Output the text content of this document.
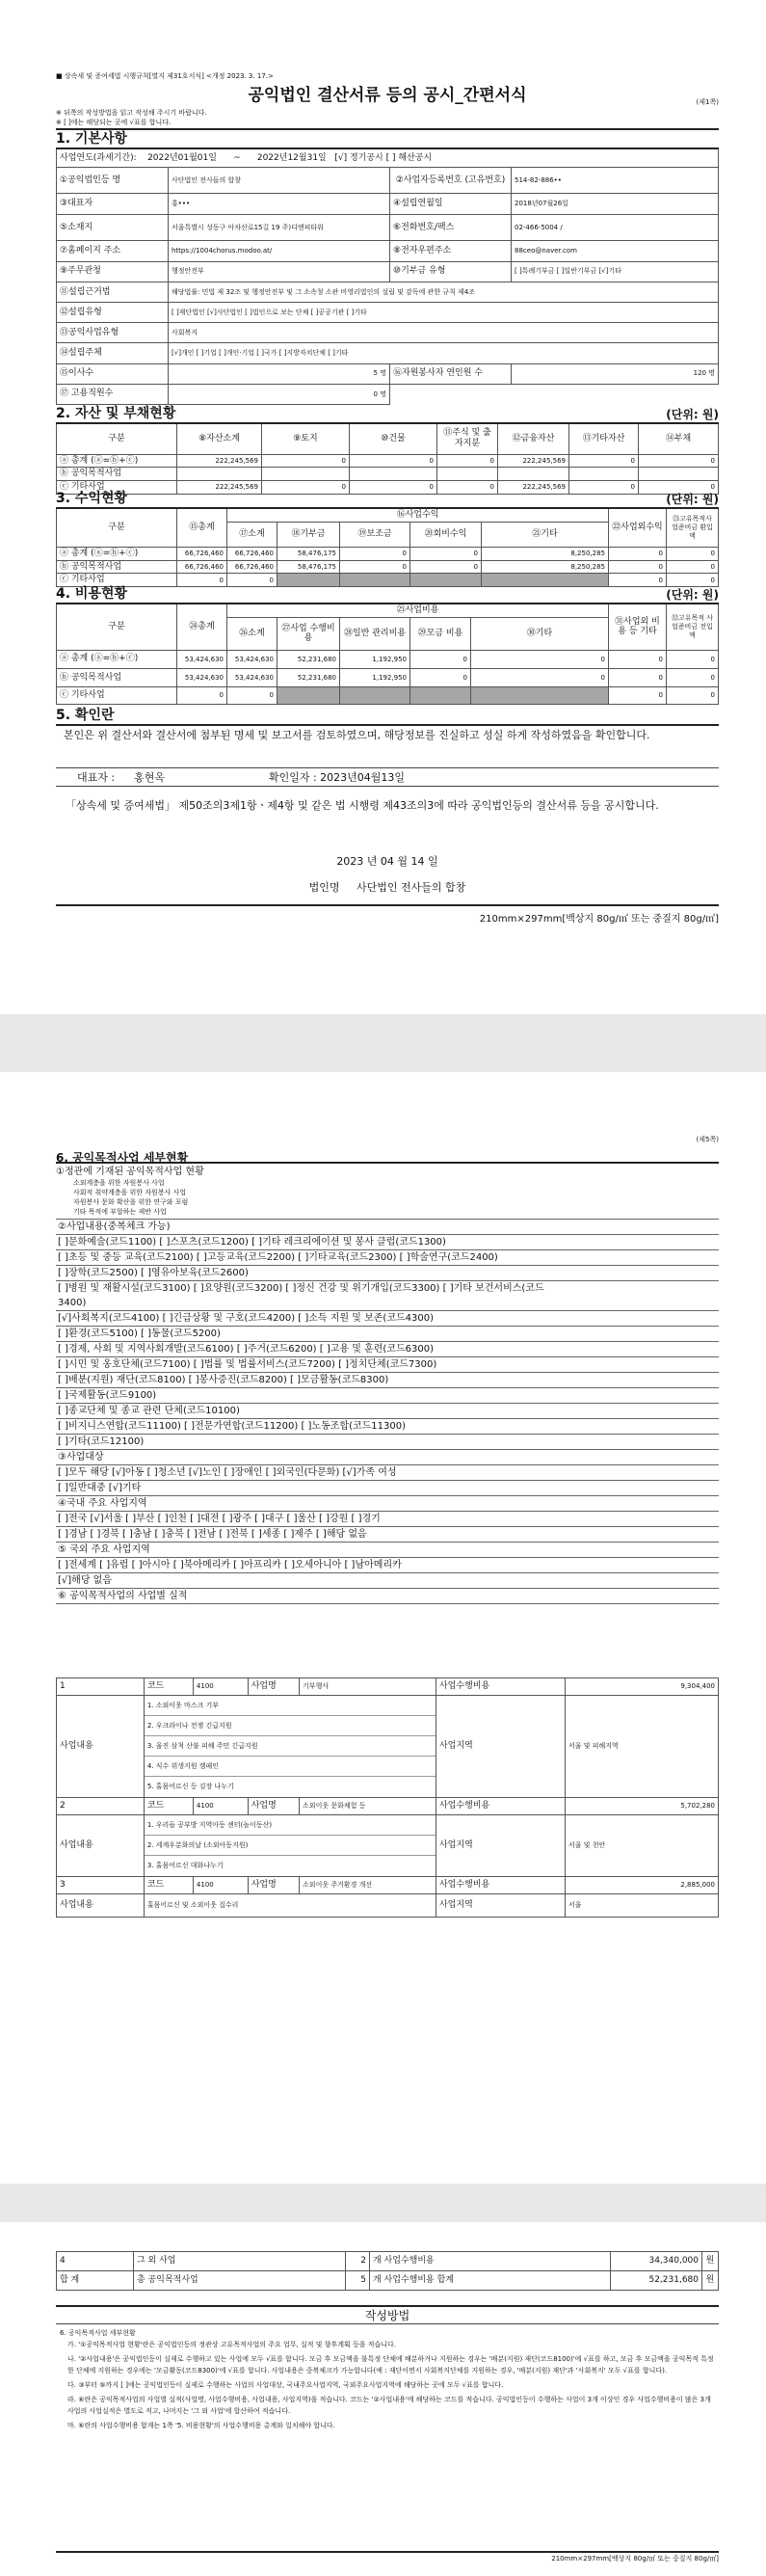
■ 상속세 및 증여세법 시행규칙[별지 제31호서식] <개정 2023. 3. 17.>
공익법인 결산서류 등의 공시_간편서식	(제1쪽)
※ 뒤쪽의 작성방법을 읽고 작성해 주시기 바랍니다.
※ [ ]에는 해당되는 곳에 √표를 합니다.
1. 기본사항
사업연도(과세기간): 2022년01월01일 ~ 2022년12월31일 [√] 정기공시 [ ] 해산공시			
①공익법인등 명	사단법인 전사들의 합창	②사업자등록번호 (고유번호)	514-82-886••
③대표자	홍•••	④설립연월일	2018년07월26일
⑤소재지	서울특별시 성동구 아차산로15길 19 주)디엔피타워	⑥전화번호/팩스	02-466-5004 /
⑦홈페이지 주소	https://1004chorus.modoo.at/	⑧전자우편주소	88ceo@naver.com
⑨주무관청	행정안전부	⑩기부금 유형	[ ]특례기부금 [ ]일반기부금 [√]기타
⑪설립근거법	해당법률: 민법 제 32조 및 행정안전부 및 그 소속청 소관 비영리법인의 설립 및 감독에 관한 규칙 제4조		
⑫설립유형	[ ]재단법인 [√]사단법인 [ ]법인으로 보는 단체 [ ]공공기관 [ ]기타		
⑬공익사업유형	사회복지		
⑭설립주체	[√]개인 [ ]기업 [ ]개인·기업 [ ]국가 [ ]지방자치단체 [ ]기타		
⑮이사수	5 명	⑯자원봉사자 연인원 수	120 명
⑰ 고용직원수	0 명		
2. 자산 및 부채현황	(단위: 원)
구분	⑧자산소계	⑨토지	⑩건물	⑪주식 및 출자지분	⑫금융자산	⑬기타자산	⑭부채
ⓐ 총계 (ⓐ=ⓑ+ⓒ)	222,245,569	0	0	0	222,245,569	0	0
ⓑ 공익목적사업							
ⓒ 기타사업	222,245,569	0	0	0	222,245,569	0	0
3. 수익현황	(단위: 원)
구분	⑮총계	⑯사업수익					㉒사업외수익	㉓고유목적사업준비금 환입액
		⑰소계	⑱기부금	⑲보조금	⑳회비수익	㉑기타		
ⓐ 총계 (ⓐ=ⓑ+ⓒ)	66,726,460	66,726,460	58,476,175	0	0	8,250,285	0	0
ⓑ 공익목적사업	66,726,460	66,726,460	58,476,175	0	0	8,250,285	0	0
ⓒ 기타사업	0	0					0	0
4. 비용현황	(단위: 원)
구분	㉔총계	㉕사업비용					㉛사업외 비용 등 기타	㉜고유목적 사업준비금 전입액
		㉖소계	㉗사업 수행비용	㉘일반 관리비용	㉙모금 비용	㉚기타		
ⓐ 총계 (ⓐ=ⓑ+ⓒ)	53,424,630	53,424,630	52,231,680	1,192,950	0	0	0	0
ⓑ 공익목적사업	53,424,630	53,424,630	52,231,680	1,192,950	0	0	0	0
ⓒ 기타사업	0	0					0	0
5. 확인란
본인은 위 결산서와 결산서에 첨부된 명세 및 보고서를 검토하였으며, 해당정보를 진실하고 성실 하게 작성하였음을 확인합니다.
대표자 : 홍현옥	확인일자 : 2023년04월13일
「상속세 및 증여세법」 제50조의3제1항ㆍ제4항 및 같은 법 시행령 제43조의3에 따라 공익법인등의 결산서류 등을 공시합니다.
2023 년 04 월 14 일
법인명 사단법인 전사들의 합창
210mm×297mm[백상지 80g/㎡ 또는 중질지 80g/㎡]
(제5쪽)
6. 공익목적사업 세부현황
①정관에 기재된 공익목적사업 현황
소외계층을 위한 자원봉사 사업
사회적 취약계층을 위한 자원봉사 사업
자원봉사 문화 확산을 위한 연구와 포럼
기타 목적에 부합하는 제반 사업
②사업내용(중복체크 가능)
[ ]문화예술(코드1100) [ ]스포츠(코드1200) [ ]기타 레크리에이션 및 봉사 클럽(코드1300)
[ ]초등 및 중등 교육(코드2100) [ ]고등교육(코드2200) [ ]기타교육(코드2300) [ ]학술연구(코드2400)
[ ]장학(코드2500) [ ]영유아보육(코드2600)
[ ]병원 및 재활시설(코드3100) [ ]요양원(코드3200) [ ]정신 건강 및 위기개입(코드3300) [ ]기타 보건서비스(코드
3400)
[√]사회복지(코드4100) [ ]긴급상황 및 구호(코드4200) [ ]소득 지원 및 보존(코드4300)
[ ]환경(코드5100) [ ]동물(코드5200)
[ ]경제, 사회 및 지역사회개발(코드6100) [ ]주거(코드6200) [ ]고용 및 훈련(코드6300)
[ ]시민 및 옹호단체(코드7100) [ ]법률 및 법률서비스(코드7200) [ ]정치단체(코드7300)
[ ]배분(지원) 재단(코드8100) [ ]봉사증진(코드8200) [ ]모금활동(코드8300)
[ ]국제활동(코드9100)
[ ]종교단체 및 종교 관련 단체(코드10100)
[ ]비지니스연합(코드11100) [ ]전문가연합(코드11200) [ ]노동조합(코드11300)
[ ]기타(코드12100)
③사업대상
[ ]모두 해당 [√]아동 [ ]청소년 [√]노인 [ ]장애인 [ ]외국인(다문화) [√]가족 여성
[ ]일반대중 [√]기타
④국내 주요 사업지역
[ ]전국 [√]서울 [ ]부산 [ ]인천 [ ]대전 [ ]광주 [ ]대구 [ ]울산 [ ]강원 [ ]경기
[ ]경남 [ ]경북 [ ]충남 [ ]충북 [ ]전남 [ ]전북 [ ]세종 [ ]제주 [ ]해당 없음
⑤ 국외 주요 사업지역
[ ]전세계 [ ]유럽 [ ]아시아 [ ]북아메리카 [ ]아프리카 [ ]오세아니아 [ ]남아메리카
[√]해당 없음
⑥ 공익목적사업의 사업별 실적
1	코드	4100	사업명	기부행사	사업수행비용	9,304,400
사업내용	1. 소외이웃 마스크 기부
2. 우크라이나 전쟁 긴급지원
3. 울진 삼척 산불 피해 주민 긴급지원
4. 식수 위생지원 캠페인
5. 홀몸어르신 등 김장 나누기				사업지역	서울 및 피해지역
2	코드	4100	사업명	소외이웃 문화체험 등	사업수행비용	5,702,280
사업내용	1. 우리들 공부방 지역아동 센터(놀이동산)
2. 세계우분화의날 (소외아동지원)
3. 홀몸어르신 대화나누기				사업지역	서울 및 천안
3	코드	4100	사업명	소외이웃 주거환경 개선	사업수행비용	2,885,000
사업내용	홀몸어르신 및 소외이웃 집수리				사업지역	서울
4	그 외 사업	2	개 사업수행비용	34,340,000	원
합 계	총 공익목적사업	5	개 사업수행비용 합계	52,231,680	원
작성방법
6. 공익목적사업 세부현황
가. '①공익목적사업 현황'란은 공익법인등의 정관상 고유목적사업의 주요 업무, 실적 및 향후계획 등을 적습니다.
나. '②사업내용'은 공익법인등이 실제로 수행하고 있는 사업에 모두 √표를 합니다. 모금 후 모금액을 불특정 단체에 배분하거나 지원하는 경우는 '배분(지원) 재단(코드8100)'에 √표를 하고, 모금 후 모금액을 공익목적 특정한 단체에 지원하는 경우에는 '모금활동(코드8300)'에 √표를 합니다. 사업내용은 중복체크가 가능합니다(예 : 재단이면서 사회복지단체를 지원하는 경우, '배분(지원) 재단'과 '사회복지' 모두 √표를 합니다).
다. ③부터 ⑤까지 [ ]에는 공익법인등이 실제로 수행하는 사업의 사업대상, 국내주요사업지역, 국외주요사업지역에 해당하는 곳에 모두 √표를 합니다.
라. ⑥란은 공익목적사업의 사업별 실적(사업명, 사업수행비용, 사업내용, 사업지역)을 적습니다. 코드는 '②사업내용'에 해당하는 코드를 적습니다. 공익법인등이 수행하는 사업이 3개 이상인 경우 사업수행비용이 많은 3개 사업의 사업실적은 별도로 적고, 나머지는 '그 외 사업'에 합산하여 적습니다.
마. ⑥란의 사업수행비용 합계는 1쪽 '5. 비용현황'의 사업수행비용 총계와 일치해야 합니다.
210mm×297mm[백상지 80g/㎡ 또는 중질지 80g/㎡]
